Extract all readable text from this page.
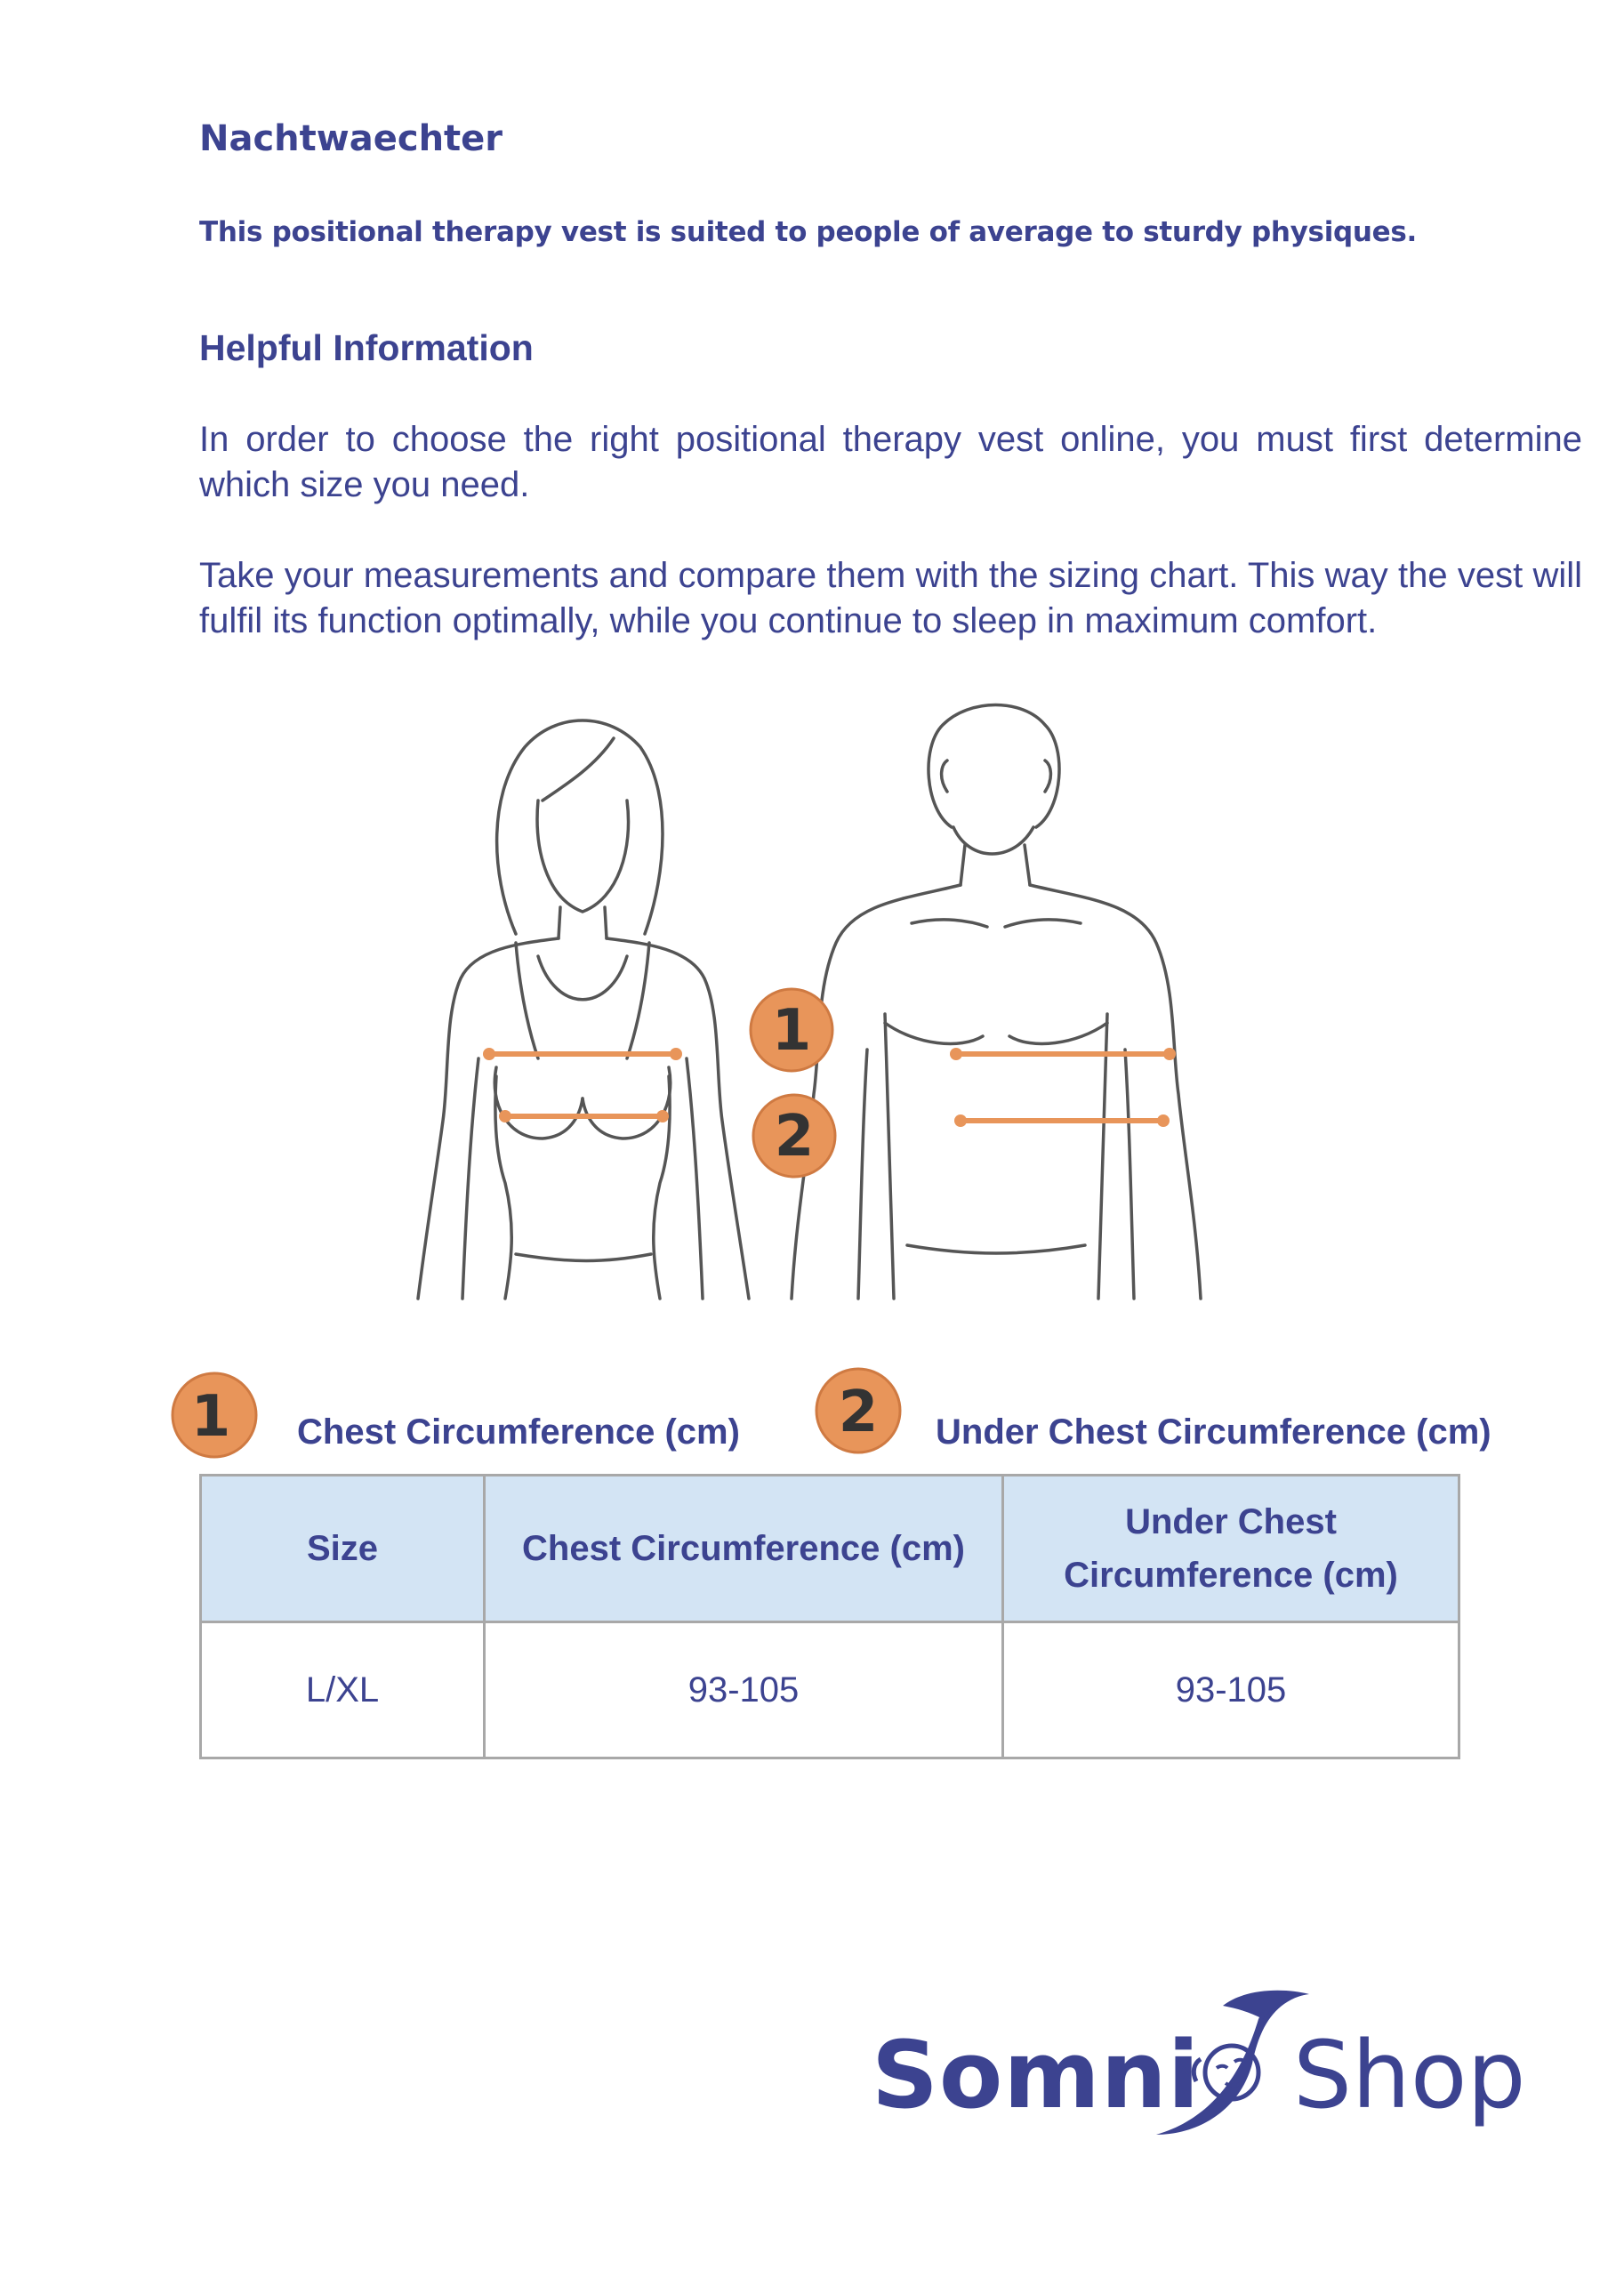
Nachtwaechter
This positional therapy vest is suited to people of average to sturdy physiques.
Helpful Information
In order to choose the right positional therapy vest online, you must first determine which size you need.
Take your measurements and compare them with the sizing chart. This way the vest will fulfil its function optimally, while you continue to sleep in maximum comfort.
1
2
1 Chest Circumference (cm) 2 Under Chest Circumference (cm)
Size	Chest Circumference (cm)	Under Chest Circumference (cm)
L/XL	93-105	93-105
Somni Shop
